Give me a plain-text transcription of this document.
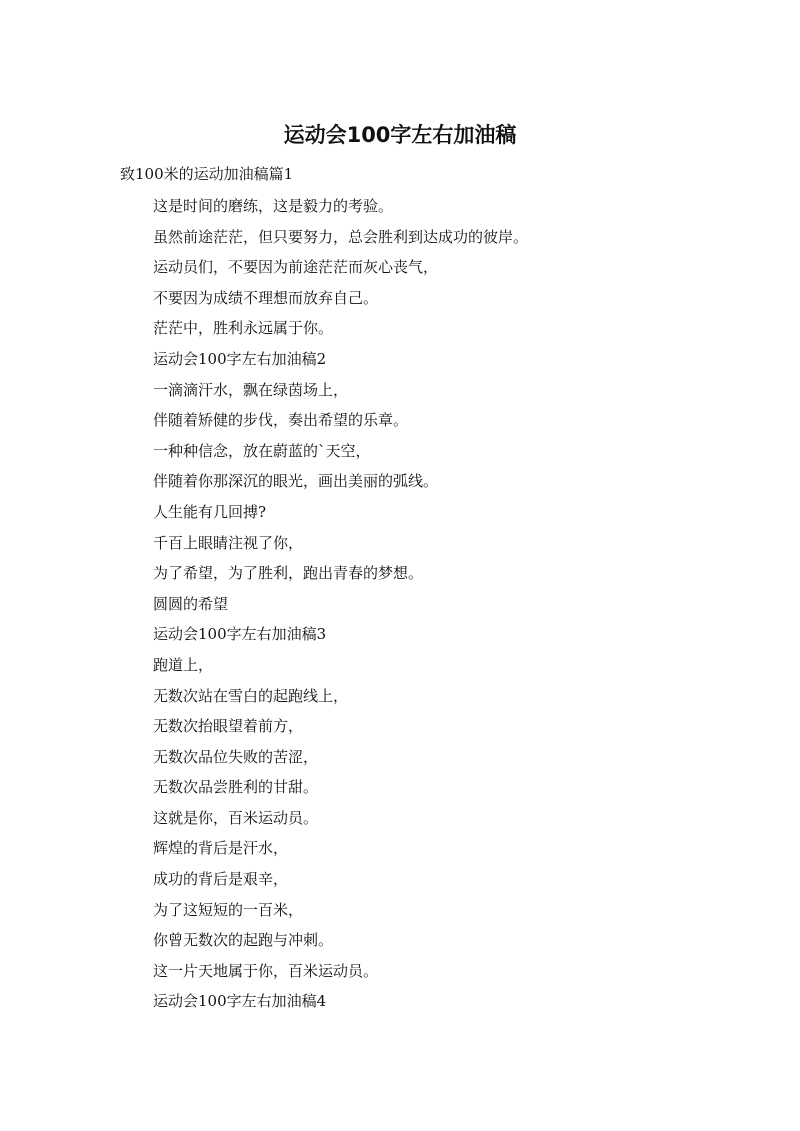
运动会100字左右加油稿

致100米的运动加油稿篇1

这是时间的磨练，这是毅力的考验。
虽然前途茫茫，但只要努力，总会胜利到达成功的彼岸。
运动员们，不要因为前途茫茫而灰心丧气，
不要因为成绩不理想而放弃自己。
茫茫中，胜利永远属于你。
运动会100字左右加油稿2
一滴滴汗水，飘在绿茵场上，
伴随着矫健的步伐，奏出希望的乐章。
一种种信念，放在蔚蓝的`天空，
伴随着你那深沉的眼光，画出美丽的弧线。
人生能有几回搏?
千百上眼睛注视了你，
为了希望，为了胜利，跑出青春的梦想。
圆圆的希望
运动会100字左右加油稿3
跑道上，
无数次站在雪白的起跑线上，
无数次抬眼望着前方，
无数次品位失败的苦涩，
无数次品尝胜利的甘甜。
这就是你，百米运动员。
辉煌的背后是汗水，
成功的背后是艰辛，
为了这短短的一百米，
你曾无数次的起跑与冲刺。
这一片天地属于你，百米运动员。
运动会100字左右加油稿4
